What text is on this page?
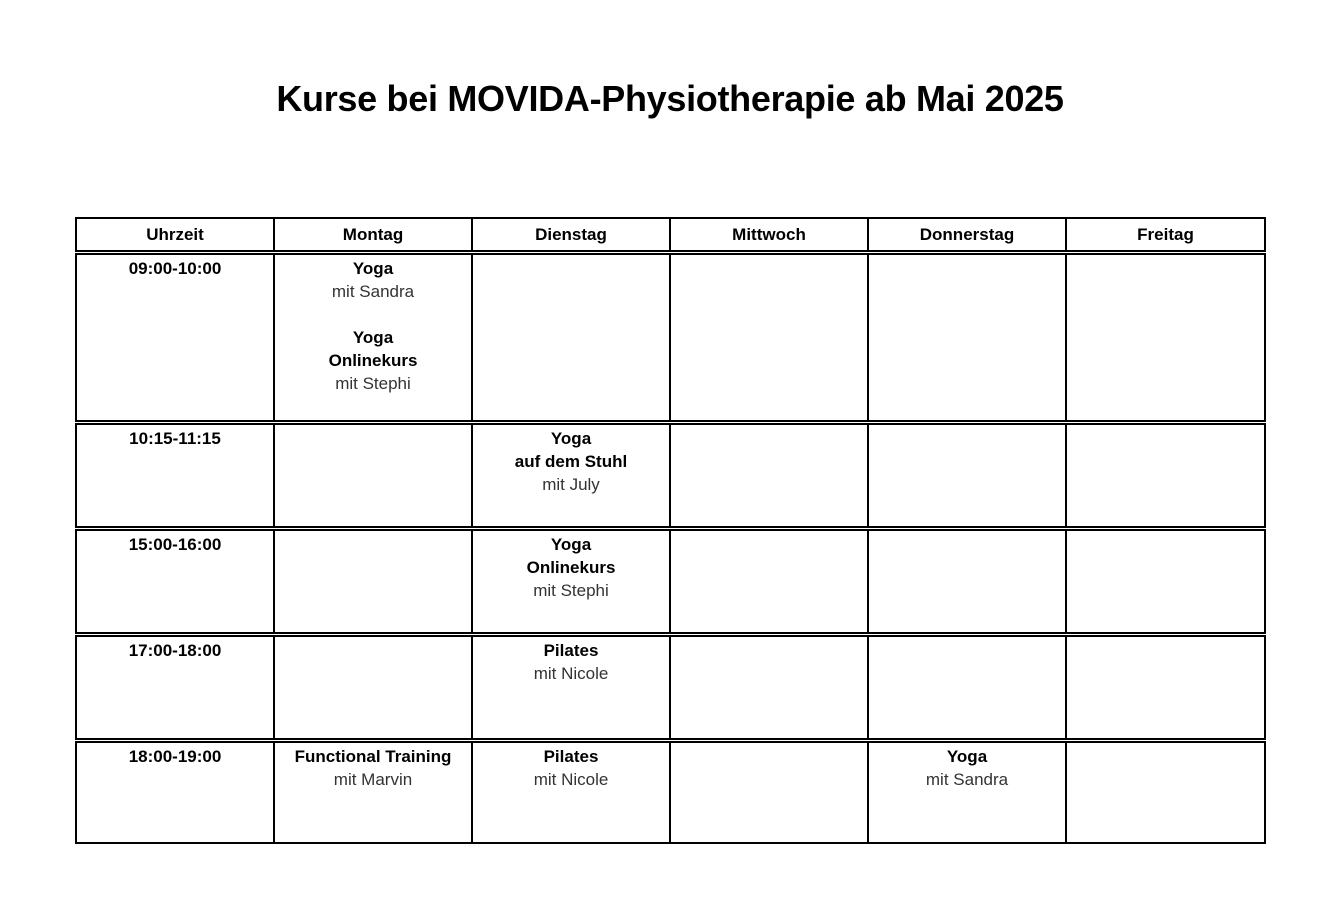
Kurse bei MOVIDA-Physiotherapie ab Mai 2025
Uhrzeit	Montag	Dienstag	Mittwoch	Donnerstag	Freitag
09:00-10:00	Yoga
mit Sandra
Yoga
Onlinekurs
mit Stephi				

10:15-11:15		Yoga
auf dem Stuhl
mit July			

15:00-16:00		Yoga
Onlinekurs
mit Stephi			

17:00-18:00		Pilates
mit Nicole			

18:00-19:00	Functional Training
mit Marvin	Pilates
mit Nicole		Yoga
mit Sandra	
